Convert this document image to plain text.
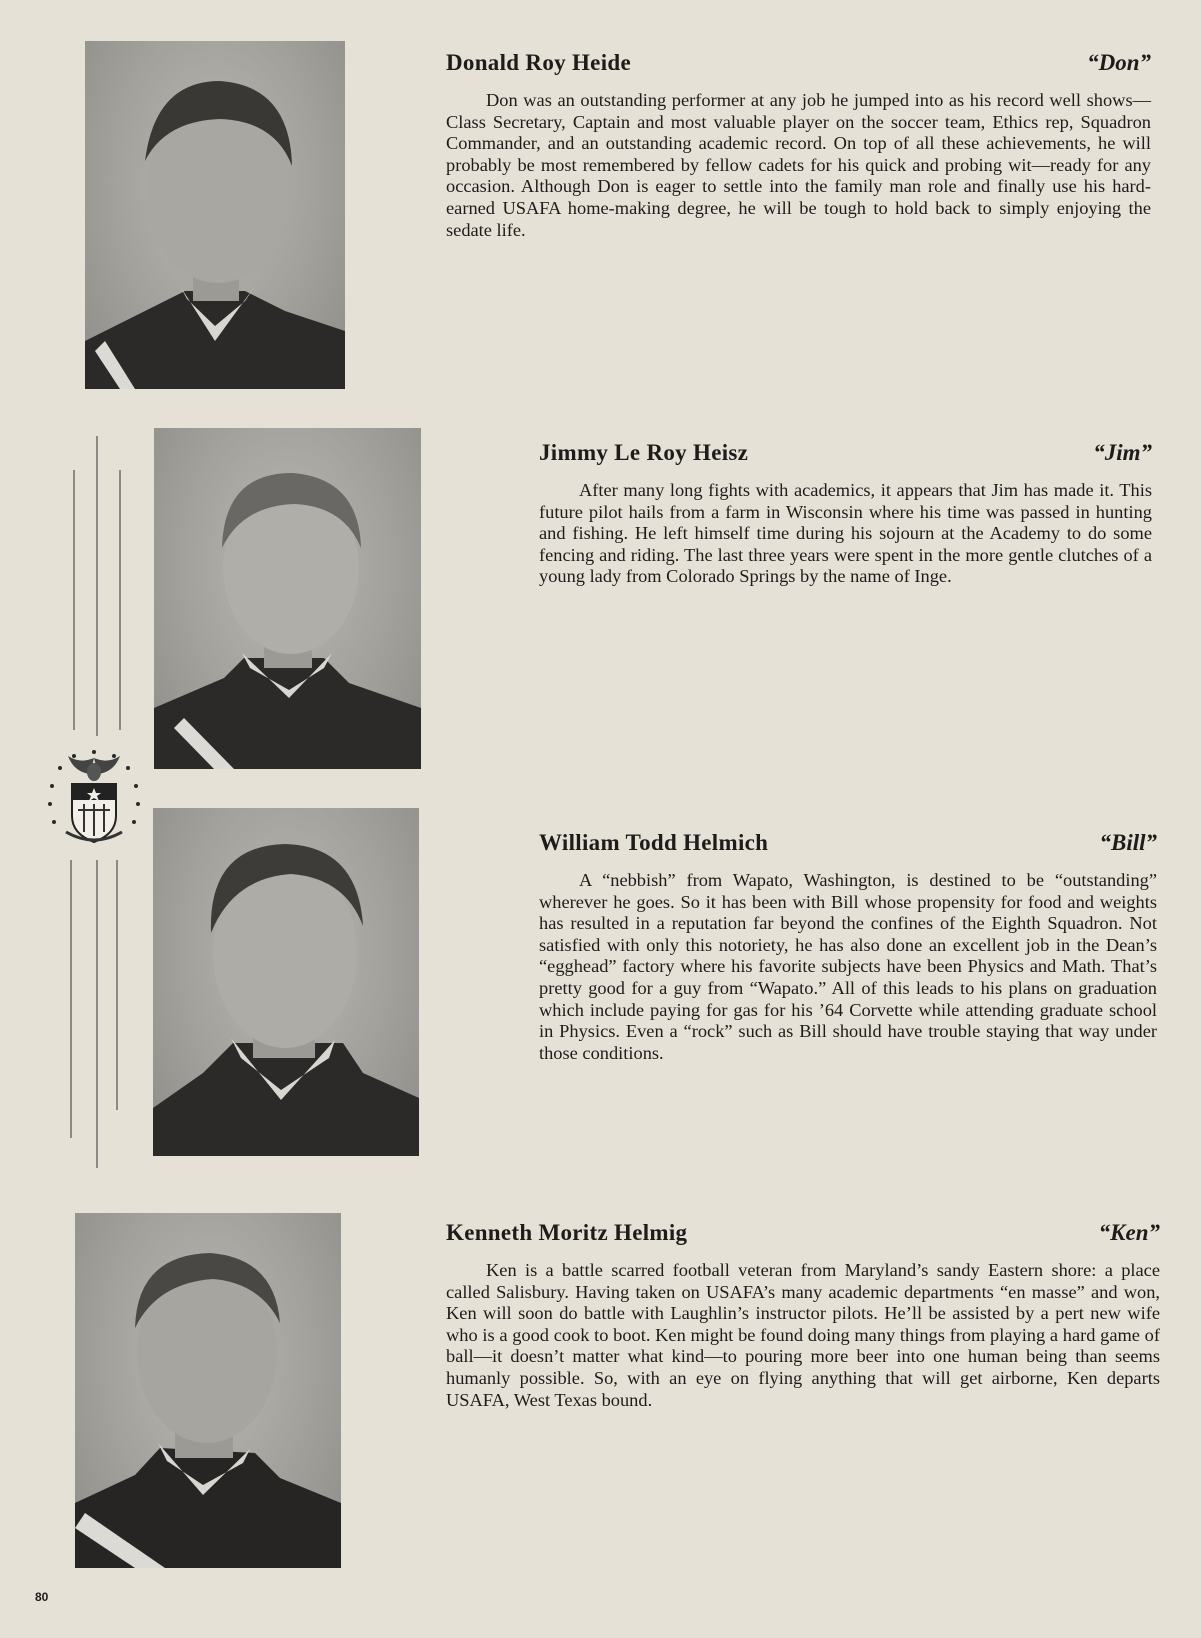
Donald Roy Heide	“Don”

Don was an outstanding performer at any job he jumped into as his record well shows—Class Secretary, Captain and most valuable player on the soccer team, Ethics rep, Squadron Commander, and an outstanding academic record. On top of all these achievements, he will probably be most remembered by fellow cadets for his quick and probing wit—ready for any occasion. Although Don is eager to settle into the family man role and finally use his hard-earned USAFA home-making degree, he will be tough to hold back to simply enjoying the sedate life.

Jimmy Le Roy Heisz	“Jim”

After many long fights with academics, it appears that Jim has made it. This future pilot hails from a farm in Wisconsin where his time was passed in hunting and fishing. He left himself time during his sojourn at the Academy to do some fencing and riding. The last three years were spent in the more gentle clutches of a young lady from Colorado Springs by the name of Inge.

William Todd Helmich	“Bill”

A “nebbish” from Wapato, Washington, is destined to be “outstanding” wherever he goes. So it has been with Bill whose propensity for food and weights has resulted in a reputation far beyond the confines of the Eighth Squadron. Not satisfied with only this notoriety, he has also done an excellent job in the Dean’s “egghead” factory where his favorite subjects have been Physics and Math. That’s pretty good for a guy from “Wapato.” All of this leads to his plans on graduation which include paying for gas for his ’64 Corvette while attending graduate school in Physics. Even a “rock” such as Bill should have trouble staying that way under those conditions.

Kenneth Moritz Helmig	“Ken”

Ken is a battle scarred football veteran from Maryland’s sandy Eastern shore: a place called Salisbury. Having taken on USAFA’s many academic departments “en masse” and won, Ken will soon do battle with Laughlin’s instructor pilots. He’ll be assisted by a pert new wife who is a good cook to boot. Ken might be found doing many things from playing a hard game of ball—it doesn’t matter what kind—to pouring more beer into one human being than seems humanly possible. So, with an eye on flying anything that will get airborne, Ken departs USAFA, West Texas bound.

80
